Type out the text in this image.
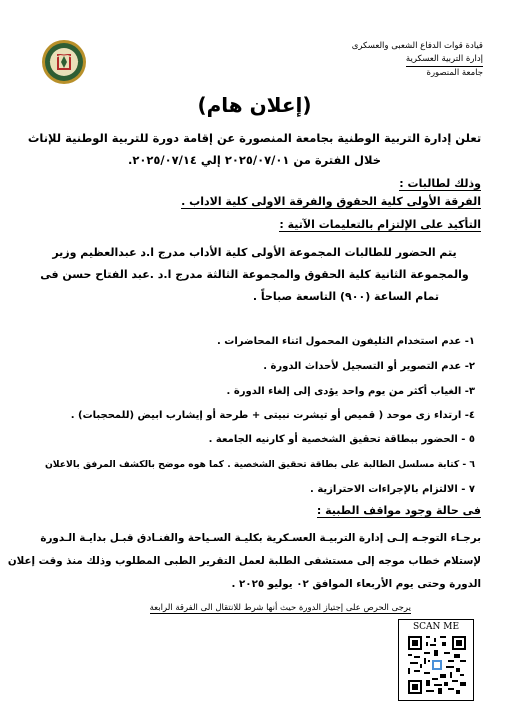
قيادة قوات الدفاع الشعبى والعسكرى
إدارة التربية العسكرية
جامعة المنصورة
(إعلان هام)
تعلن إدارة التربية الوطنية بجامعة المنصورة عن إقامة دورة للتربية الوطنية للإناث
خلال الفترة من ٢٠٢٥/٠٧/٠١ إلي ٢٠٢٥/٠٧/١٤.
وذلك لطالبات :
الفرقة الأولى كلية الحقوق والفرقة الاولى كلية الاداب .
التأكيد على الإلتزام بالتعليمات الآتية :
يتم الحضور للطالبات المجموعة الأولى كلية الأداب مدرج ا.د عبدالعظيم وزير
والمجموعة الثانية كلية الحقوق والمجموعة الثالثة مدرج ا.د .عبد الفتاح حسن فى
تمام الساعة (٩٠٠) التاسعة صباحاً .
١- عدم استخدام التليفون المحمول اثناء المحاضرات .
٢- عدم التصوير أو التسجيل لأحداث الدورة .
٣- الغياب أكثر من يوم واحد يؤدى إلى إلغاء الدورة .
٤- ارتداء زى موحد ( قميص أو تيشرت نبيتى + طرحة أو إيشارب ابيض (للمحجبات) .
٥ - الحضور ببطاقة تحقيق الشخصية أو كارنيه الجامعة .
٦ - كتابة مسلسل الطالبة على بطاقة تحقيق الشخصية . كما هوه موضح بالكشف المرفق بالاعلان
٧ - الالتزام بالإجراءات الاحترازية .
فى حالة وجود مواقف الطبية :
برجـاء التوجـه إلـى إدارة التربيـة العسـكرية بكليـة السـياحة والفنـادق قبـل بدايـة الـدورة
لإستلام خطاب موجه إلى مستشفى الطلبة لعمل التقرير الطبى المطلوب وذلك منذ وقت إعلان
الدورة وحتى يوم الأربعاء الموافق ٠٢ يوليو ٢٠٢٥ .
يرجى الحرص على إجتياز الدورة حيث أنها شرط للانتقال الى الفرقة الرابعة
SCAN ME
